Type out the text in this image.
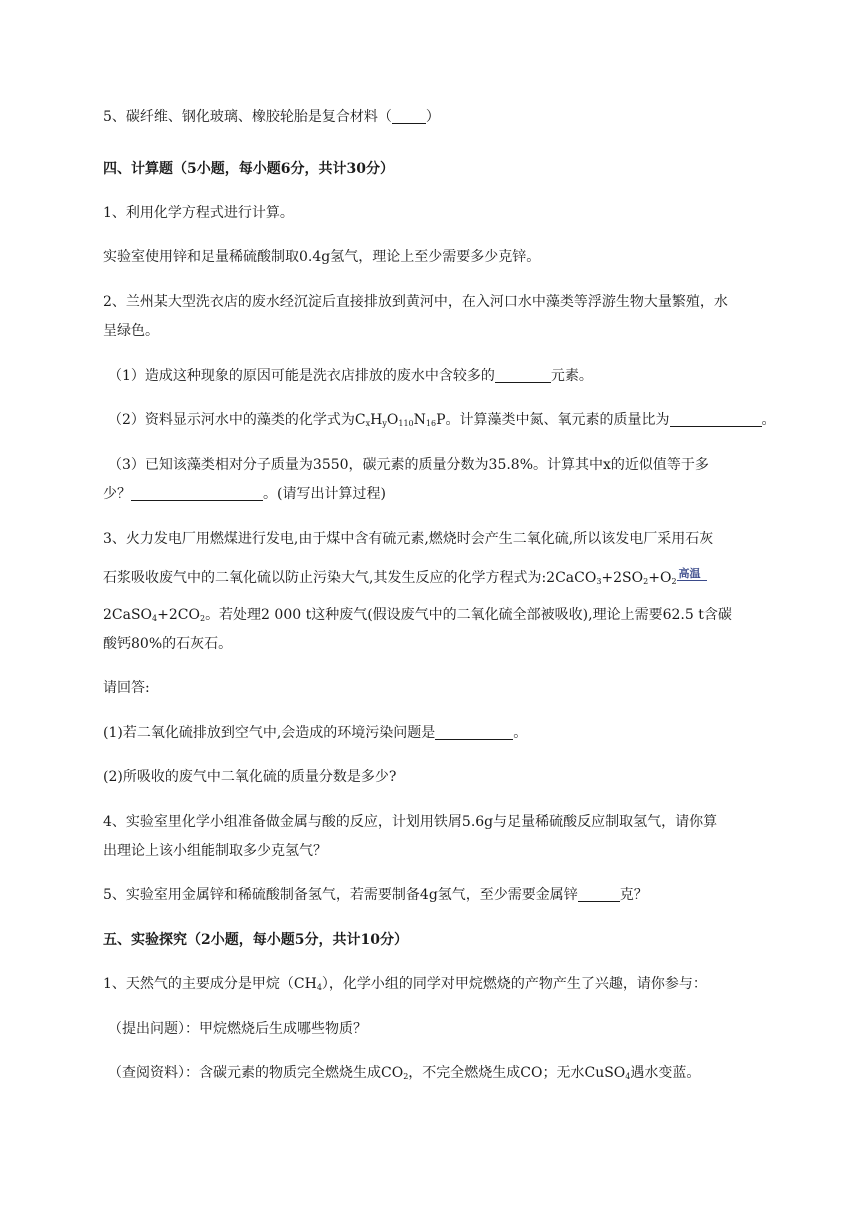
5、碳纤维、钢化玻璃、橡胶轮胎是复合材料（ ）
四、计算题（5小题，每小题6分，共计30分）
1、利用化学方程式进行计算。
实验室使用锌和足量稀硫酸制取0.4g氢气，理论上至少需要多少克锌。
2、兰州某大型洗衣店的废水经沉淀后直接排放到黄河中，在入河口水中藻类等浮游生物大量繁殖，水
呈绿色。
（1）造成这种现象的原因可能是洗衣店排放的废水中含较多的	元素。
（2）资料显示河水中的藻类的化学式为$C_xH_yO_{110}N_{16}P$。计算藻类中氮、氧元素的质量比为	。
（3）已知该藻类相对分子质量为3550，碳元素的质量分数为35.8%。计算其中x的近似值等于多
少？	。(请写出计算过程)
3、火力发电厂用燃煤进行发电,由于煤中含有硫元素,燃烧时会产生二氧化硫,所以该发电厂采用石灰
石浆吸收废气中的二氧化硫以防止污染大气,其发生反应的化学方程式为$:2CaCO_3+2SO_2+O_2$
高温
$2CaSO_4+2CO_2$。若处理2 000 t这种废气(假设废气中的二氧化硫全部被吸收),理论上需要62.5 t含碳
酸钙80%的石灰石。
请回答:
(1)若二氧化硫排放到空气中,会造成的环境污染问题是	。
(2)所吸收的废气中二氧化硫的质量分数是多少?
4、实验室里化学小组准备做金属与酸的反应，计划用铁屑5.6g与足量稀硫酸反应制取氢气，请你算
出理论上该小组能制取多少克氢气？
5、实验室用金属锌和稀硫酸制备氢气，若需要制备4g氢气，至少需要金属锌	克？
五、实验探究（2小题，每小题5分，共计10分）
1、天然气的主要成分是甲烷$(CH_4)$，化学小组的同学对甲烷燃烧的产物产生了兴趣，请你参与：
（提出问题）：甲烷燃烧后生成哪些物质？
（查阅资料）：含碳元素的物质完全燃烧生成$CO_2$，不完全燃烧生成CO；无水CuSO$_4$遇水变蓝。
